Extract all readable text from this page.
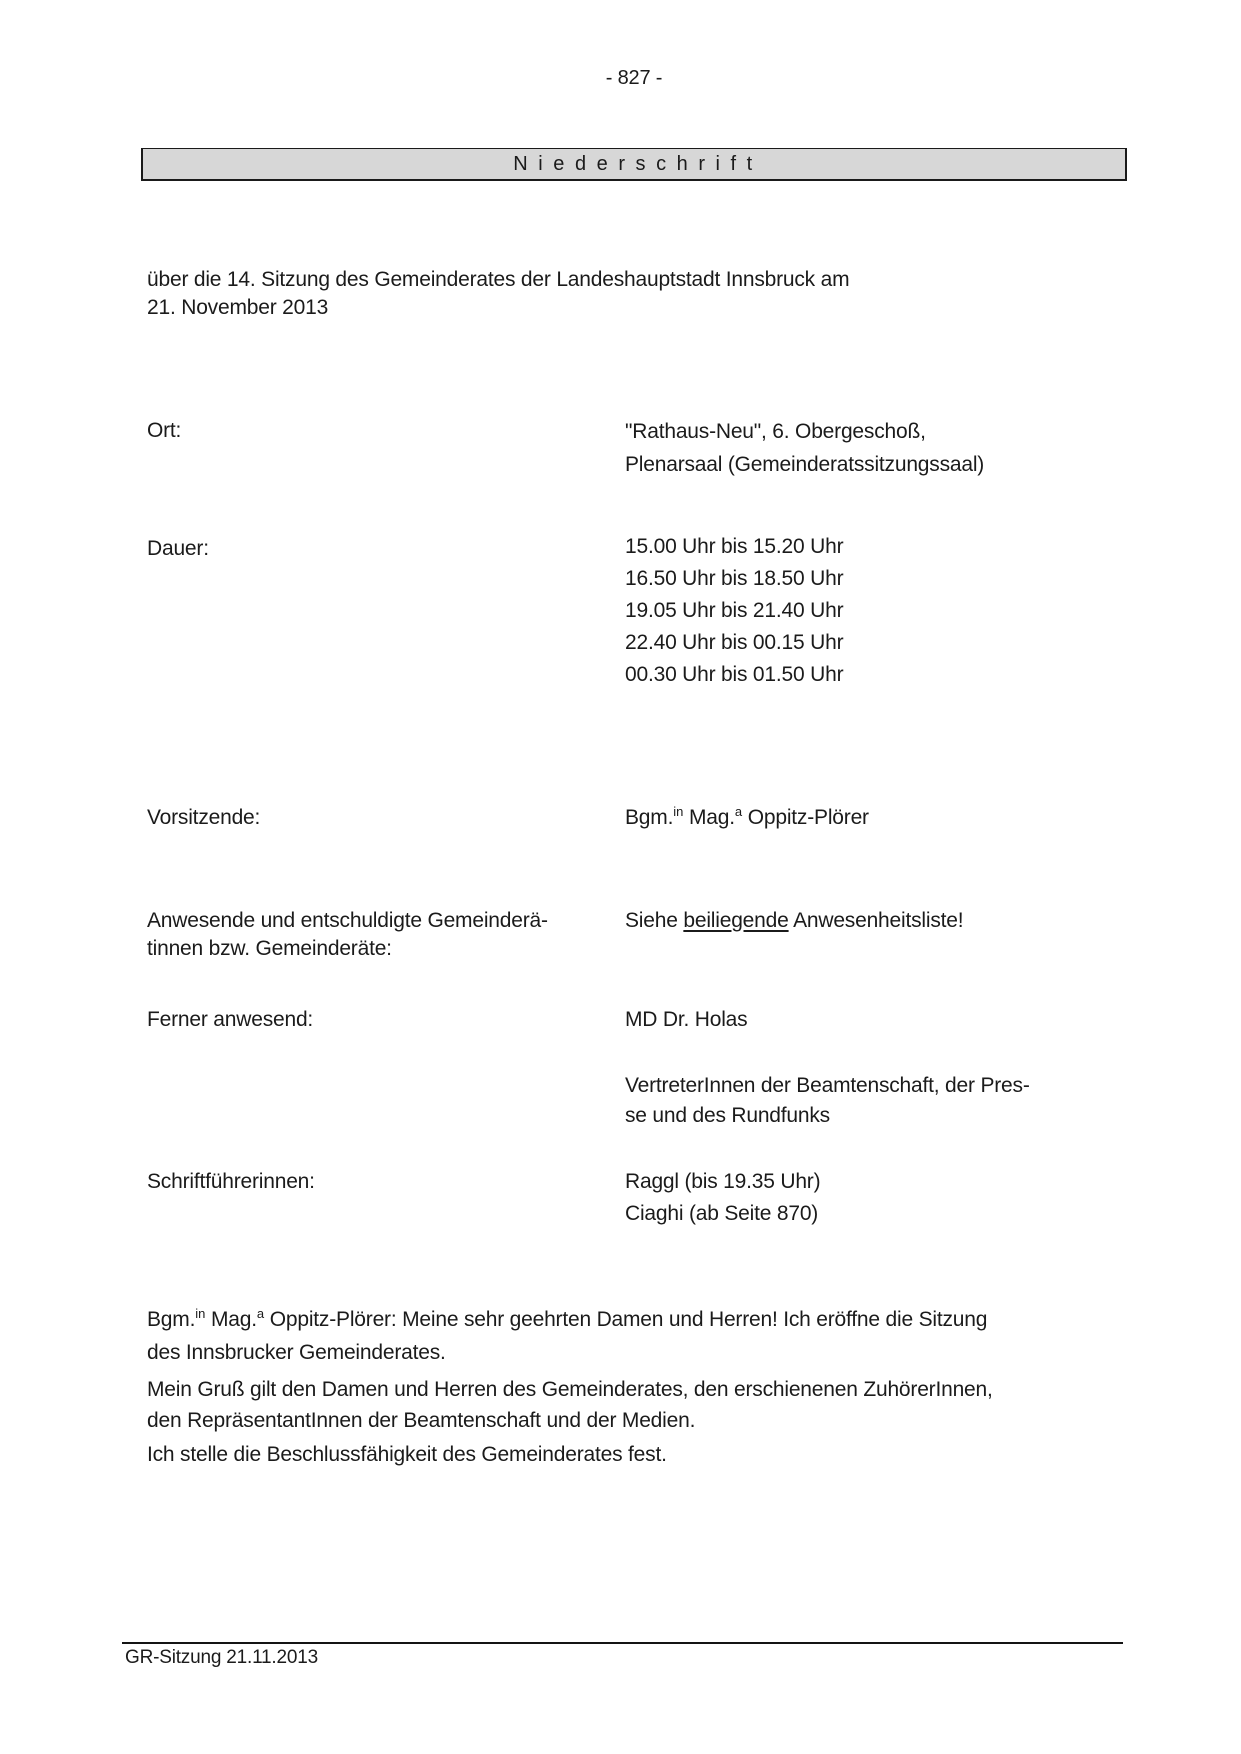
- 827 -
N i e d e r s c h r i f t
über die 14. Sitzung des Gemeinderates der Landeshauptstadt Innsbruck am
21. November 2013
Ort:	"Rathaus-Neu", 6. Obergeschoß,
Plenarsaal (Gemeinderatssitzungssaal)
Dauer:	15.00 Uhr bis 15.20 Uhr
16.50 Uhr bis 18.50 Uhr
19.05 Uhr bis 21.40 Uhr
22.40 Uhr bis 00.15 Uhr
00.30 Uhr bis 01.50 Uhr
Vorsitzende:	Bgm.$^{in}$ Mag.$^a$ Oppitz-Plörer
Anwesende und entschuldigte Gemeinderä-
tinnen bzw. Gemeinderäte:
Siehe beiliegende Anwesenheitsliste!
Ferner anwesend:	MD Dr. Holas
VertreterInnen der Beamtenschaft, der Pres-
se und des Rundfunks
Schriftführerinnen:	Raggl (bis 19.35 Uhr)
Ciaghi (ab Seite 870)
Bgm.$^{in}$ Mag.$^a$ Oppitz-Plörer: Meine sehr geehrten Damen und Herren! Ich eröffne die Sitzung
des Innsbrucker Gemeinderates.
Mein Gruß gilt den Damen und Herren des Gemeinderates, den erschienenen ZuhörerInnen,
den RepräsentantInnen der Beamtenschaft und der Medien.
Ich stelle die Beschlussfähigkeit des Gemeinderates fest.
GR-Sitzung 21.11.2013
